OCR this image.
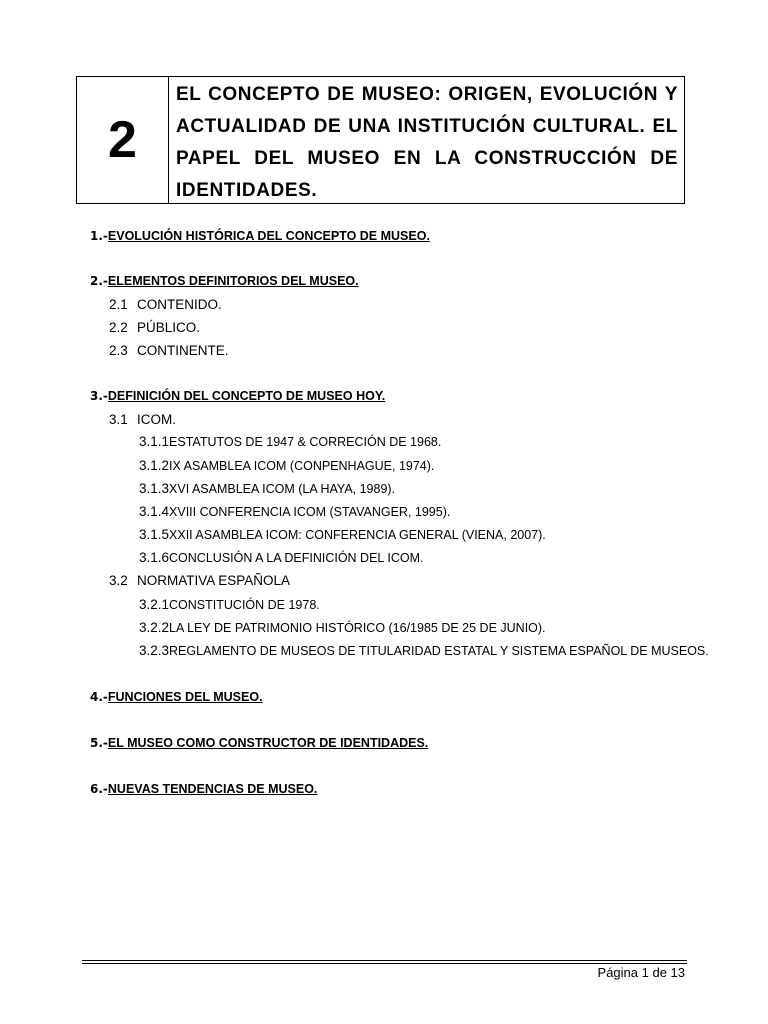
2
EL CONCEPTO DE MUSEO: ORIGEN, EVOLUCIÓN Y ACTUALIDAD DE UNA INSTITUCIÓN CULTURAL. EL PAPEL DEL MUSEO EN LA CONSTRUCCIÓN DE IDENTIDADES.
1.-EVOLUCIÓN HISTÓRICA DEL CONCEPTO DE MUSEO.
2.-ELEMENTOS DEFINITORIOS DEL MUSEO.
2.1 CONTENIDO.
2.2 PÚBLICO.
2.3 CONTINENTE.
3.-DEFINICIÓN DEL CONCEPTO DE MUSEO HOY.
3.1 ICOM.
3.1.1ESTATUTOS DE 1947 & CORRECIÓN DE 1968.
3.1.2IX ASAMBLEA ICOM (CONPENHAGUE, 1974).
3.1.3XVI ASAMBLEA ICOM (LA HAYA, 1989).
3.1.4XVIII CONFERENCIA ICOM (STAVANGER, 1995).
3.1.5XXII ASAMBLEA ICOM: CONFERENCIA GENERAL (VIENA, 2007).
3.1.6CONCLUSIÓN A LA DEFINICIÓN DEL ICOM.
3.2 NORMATIVA ESPAÑOLA
3.2.1CONSTITUCIÓN DE 1978.
3.2.2LA LEY DE PATRIMONIO HISTÓRICO (16/1985 DE 25 DE JUNIO).
3.2.3REGLAMENTO DE MUSEOS DE TITULARIDAD ESTATAL Y SISTEMA ESPAÑOL DE MUSEOS.
4.-FUNCIONES DEL MUSEO.
5.-EL MUSEO COMO CONSTRUCTOR DE IDENTIDADES.
6.-NUEVAS TENDENCIAS DE MUSEO.
Página 1 de 13
